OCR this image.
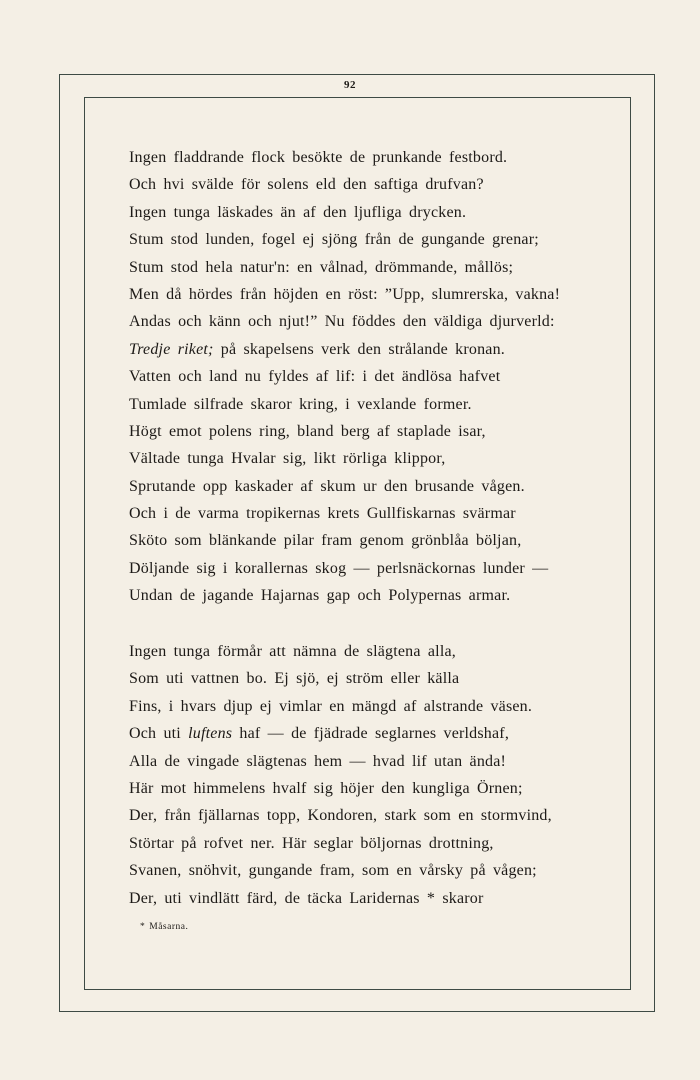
92
Ingen fladdrande flock besökte de prunkande festbord.
Och hvi svälde för solens eld den saftiga drufvan?
Ingen tunga läskades än af den ljufliga drycken.
Stum stod lunden, fogel ej sjöng från de gungande grenar;
Stum stod hela natur'n: en vålnad, drömmande, mållös;
Men då hördes från höjden en röst: ”Upp, slumrerska, vakna!
Andas och känn och njut!” Nu föddes den väldiga djurverld:
Tredje riket; på skapelsens verk den strålande kronan.
Vatten och land nu fyldes af lif: i det ändlösa hafvet
Tumlade silfrade skaror kring, i vexlande former.
Högt emot polens ring, bland berg af staplade isar,
Vältade tunga Hvalar sig, likt rörliga klippor,
Sprutande opp kaskader af skum ur den brusande vågen.
Och i de varma tropikernas krets Gullfiskarnas svärmar
Sköto som blänkande pilar fram genom grönblåa böljan,
Döljande sig i korallernas skog — perlsnäckornas lunder —
Undan de jagande Hajarnas gap och Polypernas armar.
Ingen tunga förmår att nämna de slägtena alla,
Som uti vattnen bo. Ej sjö, ej ström eller källa
Fins, i hvars djup ej vimlar en mängd af alstrande väsen.
Och uti luftens haf — de fjädrade seglarnes verldshaf,
Alla de vingade slägtenas hem — hvad lif utan ända!
Här mot himmelens hvalf sig höjer den kungliga Örnen;
Der, från fjällarnas topp, Kondoren, stark som en stormvind,
Störtar på rofvet ner. Här seglar böljornas drottning,
Svanen, snöhvit, gungande fram, som en vårsky på vågen;
Der, uti vindlätt färd, de täcka Laridernas * skaror
* Måsarna.
